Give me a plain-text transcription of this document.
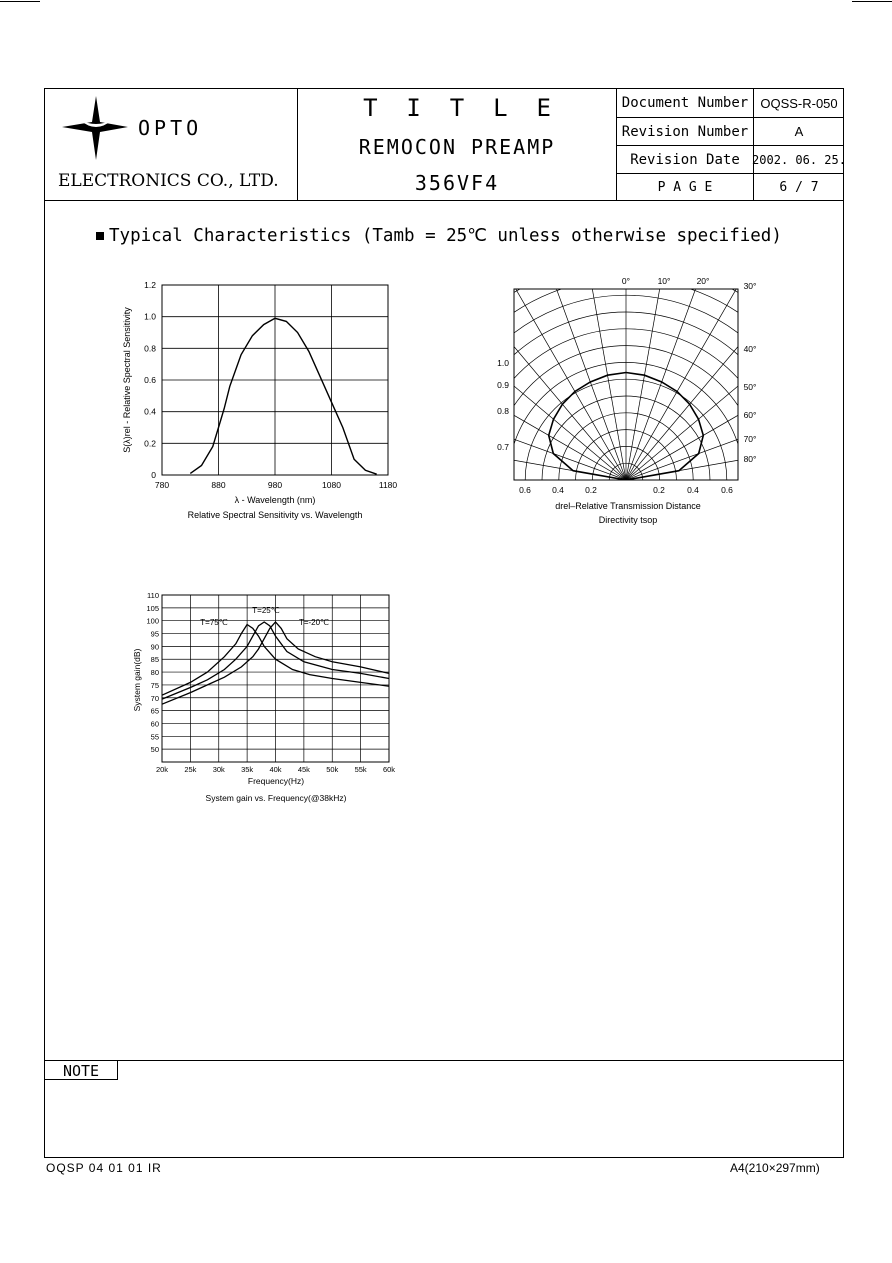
OPTO
ELECTRONICS CO., LTD.
T  I  T  L  E
REMOCON PREAMP
356VF4
Document Number OQSS-R-050
Revision Number	A
Revision Date	2002. 06. 25.
P A G E	6 / 7
Typical Characteristics (Tamb = 25℃ unless otherwise specified)
780	880	980	1080	1180
0
0.2
0.4
0.6
0.8
1.0
1.2
λ - Wavelength (nm)
Relative Spectral Sensitivity vs. Wavelength
S(λ)rel - Relative Spectral Sensitivity
0°	10°	20°	30°
40°
50°
60°
70°
80°
1.0
0.9
0.8
0.7
0.6 0.4 0.2	0.2	0.4	0.6
drel–Relative Transmission Distance
Directivity tsop
20k 25k 30k 35k 40k 45k 50k 55k 60k
110
105
100
95
90
85
80
75
70
65
60
55
50
T=75℃
T=25℃
T=-20℃
Frequency(Hz)
System gain vs. Frequency(@38kHz)
System gain(dB)
NOTE
OQSP 04 01 01 IR	A4(210×297mm)
